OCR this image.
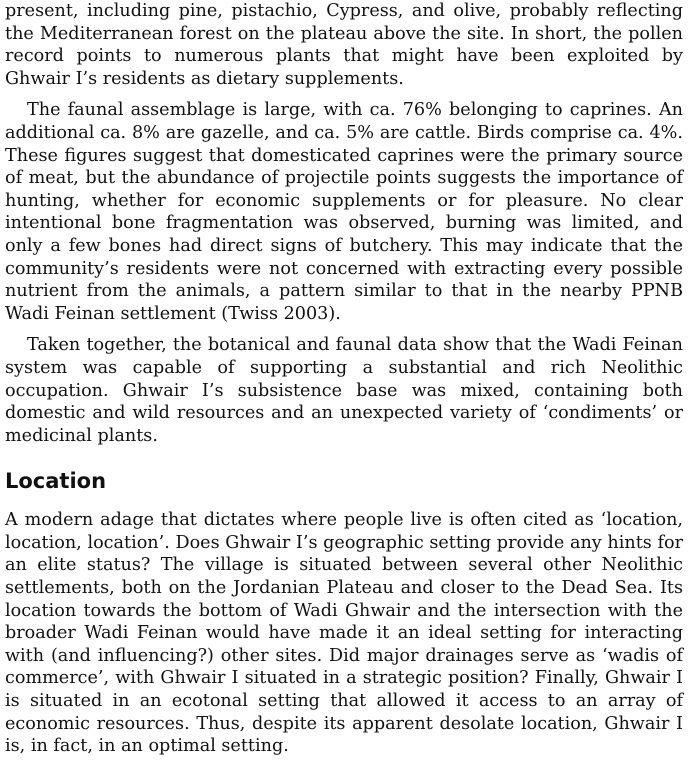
present, including pine, pistachio, Cypress, and olive, probably reflecting the Mediterranean forest on the plateau above the site. In short, the pollen record points to numerous plants that might have been exploited by Ghwair I’s residents as dietary supplements.

The faunal assemblage is large, with ca. 76% belonging to caprines. An additional ca. 8% are gazelle, and ca. 5% are cattle. Birds comprise ca. 4%. These figures suggest that domesticated caprines were the primary source of meat, but the abundance of projectile points suggests the importance of hunting, whether for economic supplements or for pleasure. No clear intentional bone fragmentation was observed, burning was limited, and only a few bones had direct signs of butchery. This may indicate that the community’s residents were not concerned with extracting every possible nutrient from the animals, a pattern similar to that in the nearby PPNB Wadi Feinan settlement (Twiss 2003).

Taken together, the botanical and faunal data show that the Wadi Feinan system was capable of supporting a substantial and rich Neolithic occupation. Ghwair I’s subsistence base was mixed, containing both domestic and wild resources and an unexpected variety of ‘condiments’ or medicinal plants.

Location

A modern adage that dictates where people live is often cited as ‘location, location, location’. Does Ghwair I’s geographic setting provide any hints for an elite status? The village is situated between several other Neolithic settlements, both on the Jordanian Plateau and closer to the Dead Sea. Its location towards the bottom of Wadi Ghwair and the intersection with the broader Wadi Feinan would have made it an ideal setting for interacting with (and influencing?) other sites. Did major drainages serve as ‘wadis of commerce’, with Ghwair I situated in a strategic position? Finally, Ghwair I is situated in an ecotonal setting that allowed it access to an array of economic resources. Thus, despite its apparent desolate location, Ghwair I is, in fact, in an optimal setting.
